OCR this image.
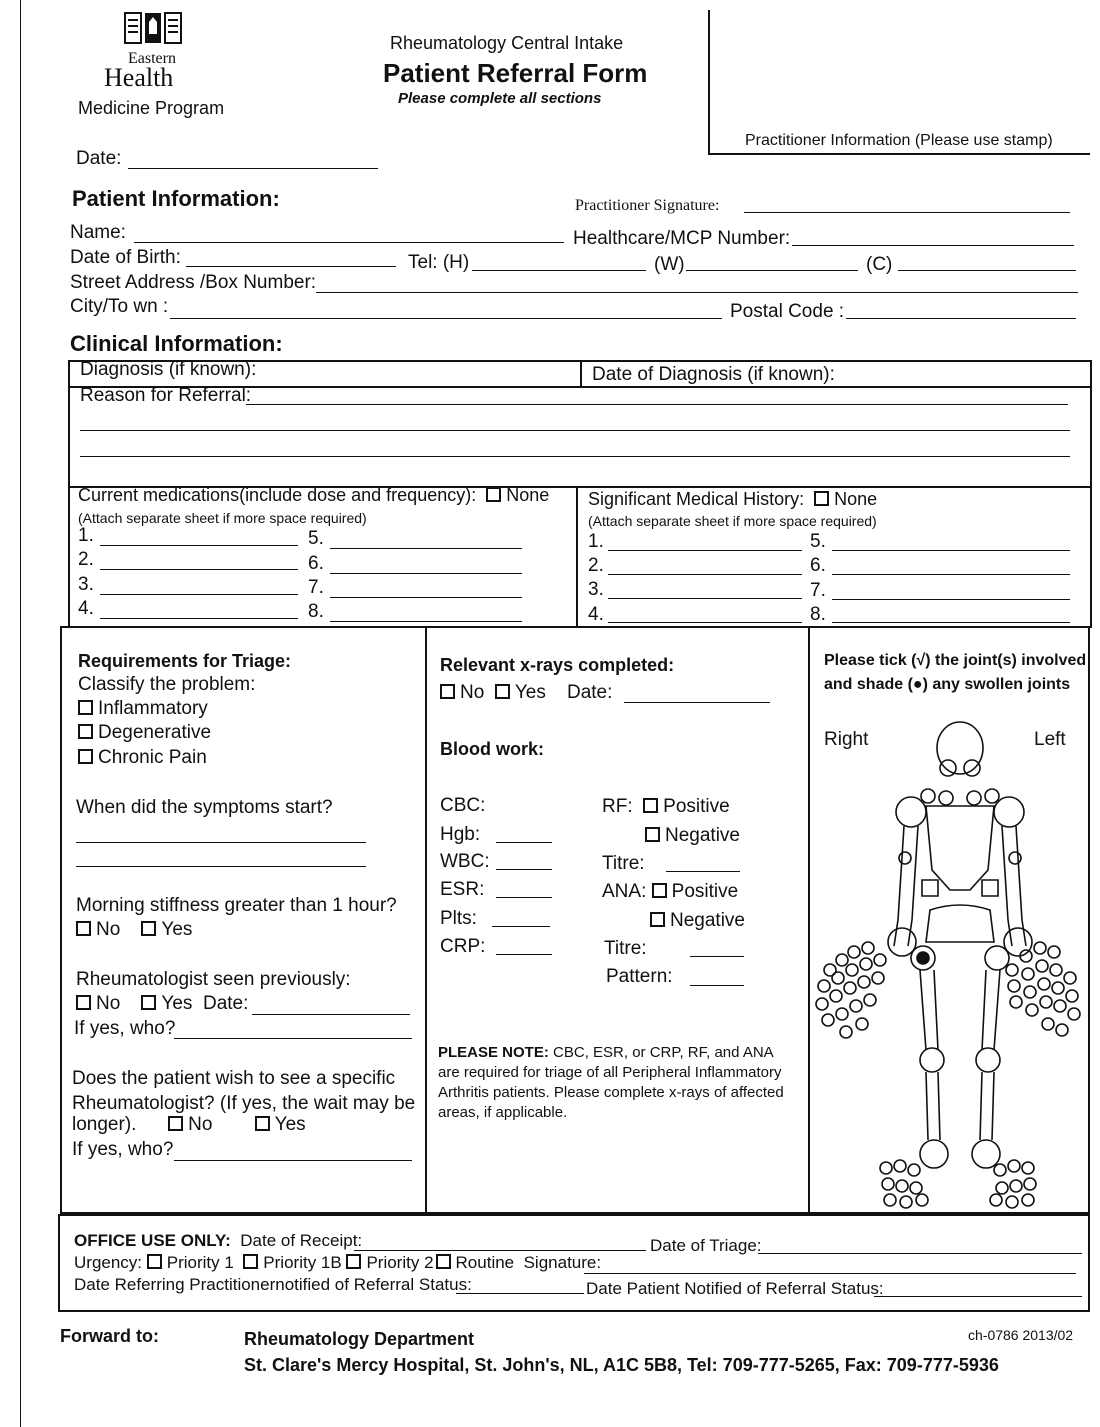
Eastern
Health
Medicine Program
Rheumatology Central Intake
Patient Referral Form
Please complete all sections
Practitioner Information (Please use stamp)
Date:
Patient Information:	Practitioner Signature:
Name:	Healthcare/MCP Number:
Date of Birth:	Tel: (H)	(W)	(C)
Street Address /Box Number:
City/To wn :	Postal Code :
Clinical Information:
Diagnosis (if known):	Date of Diagnosis (if known):
Reason for Referral:
Current medications(include dose and frequency): None
(Attach separate sheet if more space required)
1.
2.
3.
4.
5.
6.
7.
8.
Significant Medical History: None
(Attach separate sheet if more space required)
1.
2.
3.
4.
5.
6.
7.
8.
Requirements for Triage:
Classify the problem:
Inflammatory
Degenerative
Chronic Pain
When did the symptoms start?
Morning stiffness greater than 1 hour?
No Yes
Rheumatologist seen previously:
No Yes Date:
If yes, who?
Does the patient wish to see a specific
Rheumatologist? (If yes, the wait may be
longer).	No	Yes
If yes, who?
Relevant x-rays completed:
No Yes Date:
Blood work:
CBC:
Hgb:
WBC:
ESR:
Plts:
CRP:
RF: Positive
Negative
Titre:
ANA: Positive
Negative
Titre:
Pattern:
PLEASE NOTE: CBC, ESR, or CRP, RF, and ANA
are required for triage of all Peripheral Inflammatory
Arthritis patients. Please complete x-rays of affected
areas, if applicable.
Please tick (√) the joint(s) involved
and shade (●) any swollen joints
Right	Left
OFFICE USE ONLY: Date of Receipt:	Date of Triage:
Urgency: Priority 1 Priority 1B Priority 2 Routine Signature:
Date Referring Practitionernotified of Referral Status:	Date Patient Notified of Referral Status:
Forward to:	Rheumatology Department
St. Clare's Mercy Hospital, St. John's, NL, A1C 5B8, Tel: 709-777-5265, Fax: 709-777-5936
ch-0786 2013/02
